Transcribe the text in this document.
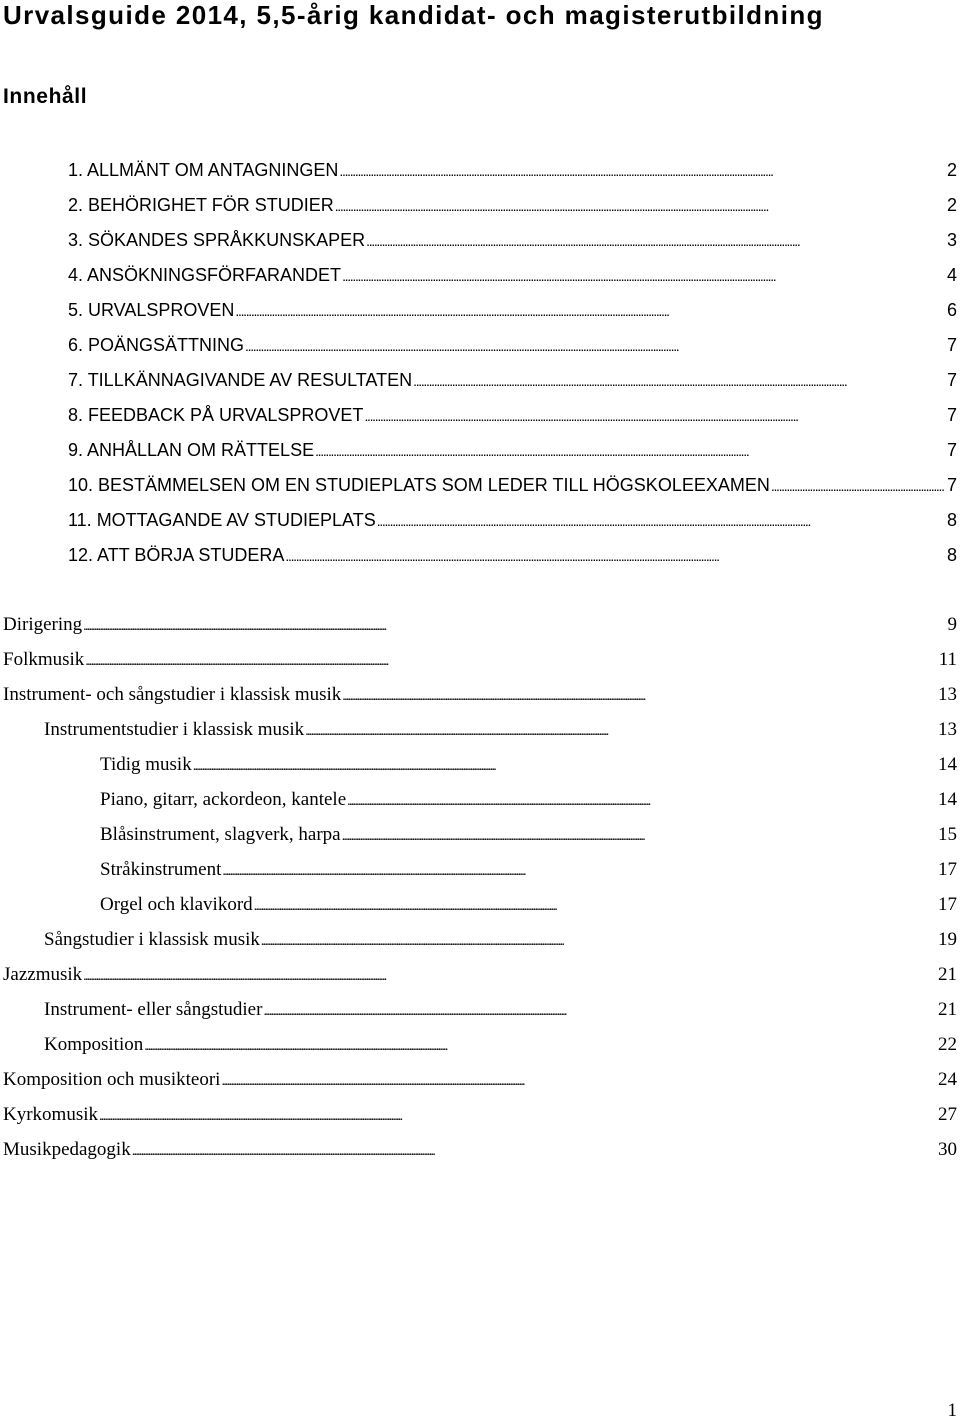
Urvalsguide 2014, 5,5-årig kandidat- och magisterutbildning
Innehåll
1. ALLMÄNT OM ANTAGNINGEN . . .	2
2. BEHÖRIGHET FÖR STUDIER . . .	2
3. SÖKANDES SPRÅKKUNSKAPER . . .	3
4. ANSÖKNINGSFÖRFARANDET . . .	4
5. URVALSPROVEN . . .	6
6. POÄNGSÄTTNING . . .	7
7. TILLKÄNNAGIVANDE AV RESULTATEN . . .	7
8. FEEDBACK PÅ URVALSPROVET . . .	7
9. ANHÅLLAN OM RÄTTELSE . . .	7
10. BESTÄMMELSEN OM EN STUDIEPLATS SOM LEDER TILL HÖGSKOLEEXAMEN . . .	7
11. MOTTAGANDE AV STUDIEPLATS . . .	8
12. ATT BÖRJA STUDERA . . .	8
Dirigering . . .	9
Folkmusik . . .	11
Instrument- och sångstudier i klassisk musik . . .	13
Instrumentstudier i klassisk musik . . .	13
Tidig musik . . .	14
Piano, gitarr, ackordeon, kantele . . .	14
Blåsinstrument, slagverk, harpa . . .	15
Stråkinstrument . . .	17
Orgel och klavikord . . .	17
Sångstudier i klassisk musik . . .	19
Jazzmusik . . .	21
Instrument- eller sångstudier . . .	21
Komposition . . .	22
Komposition och musikteori . . .	24
Kyrkomusik . . .	27
Musikpedagogik . . .	30
1
